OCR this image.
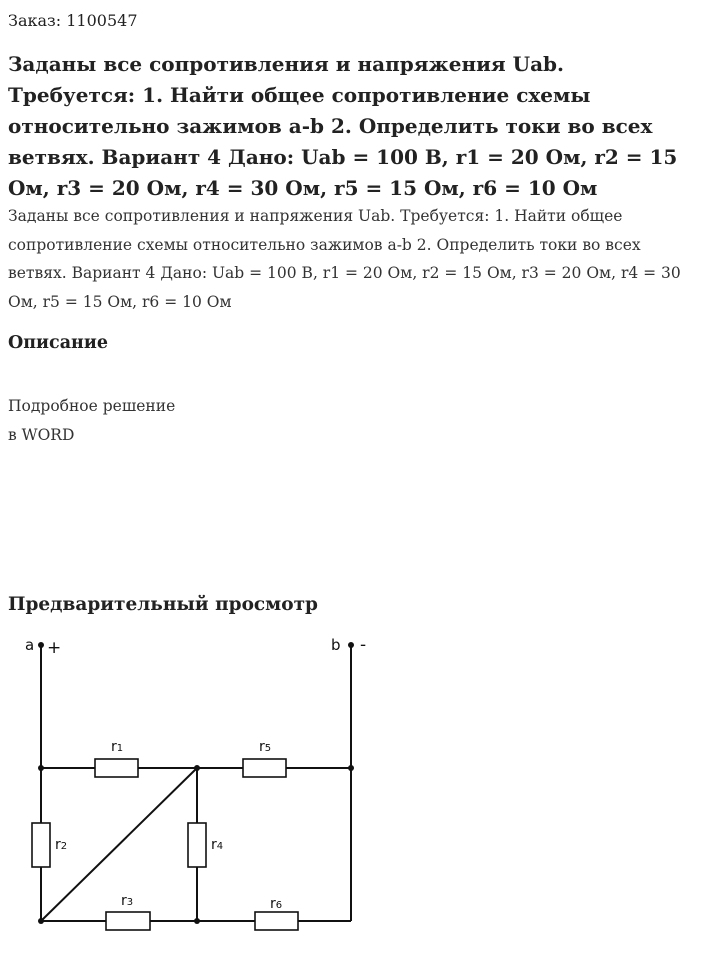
Заказ: 1100547
Заданы все сопротивления и напряжения Uab. Требуется: 1. Найти общее сопротивление схемы относительно зажимов a-b 2. Определить токи во всех ветвях. Вариант 4 Дано: Uab = 100 В, r1 = 20 Ом, r2 = 15 Ом, r3 = 20 Ом, r4 = 30 Ом, r5 = 15 Ом, r6 = 10 Ом
Заданы все сопротивления и напряжения Uab. Требуется: 1. Найти общее сопротивление схемы относительно зажимов a-b 2. Определить токи во всех ветвях. Вариант 4 Дано: Uab = 100 В, r1 = 20 Ом, r2 = 15 Ом, r3 = 20 Ом, r4 = 30 Ом, r5 = 15 Ом, r6 = 10 Ом
Описание
Подробное решение
в WORD
Предварительный просмотр
a +	b -
r1	r5
r2	r4
r3	r6
